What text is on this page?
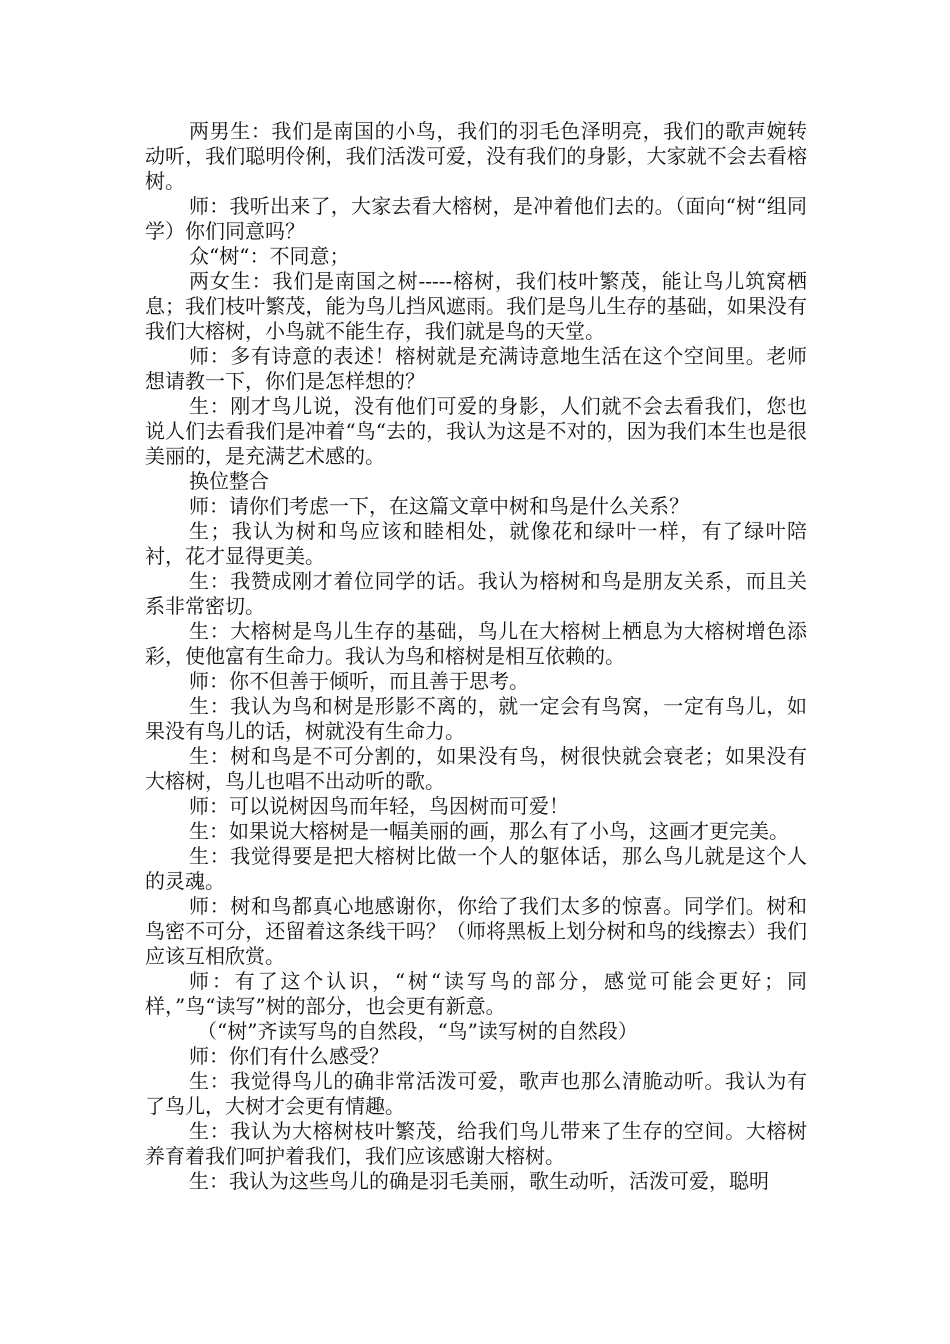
两男生：我们是南国的小鸟，我们的羽毛色泽明亮，我们的歌声婉转动听，我们聪明伶俐，我们活泼可爱，没有我们的身影，大家就不会去看榕树。

师：我听出来了，大家去看大榕树，是冲着他们去的。（面向“树“组同学）你们同意吗？

众“树“：不同意；

两女生：我们是南国之树-----榕树，我们枝叶繁茂，能让鸟儿筑窝栖息；我们枝叶繁茂，能为鸟儿挡风遮雨。我们是鸟儿生存的基础，如果没有我们大榕树，小鸟就不能生存，我们就是鸟的天堂。

师：多有诗意的表述！榕树就是充满诗意地生活在这个空间里。老师想请教一下，你们是怎样想的？

生：刚才鸟儿说，没有他们可爱的身影，人们就不会去看我们，您也说人们去看我们是冲着“鸟“去的，我认为这是不对的，因为我们本生也是很美丽的，是充满艺术感的。

换位整合

师：请你们考虑一下，在这篇文章中树和鸟是什么关系？

生；我认为树和鸟应该和睦相处，就像花和绿叶一样，有了绿叶陪衬，花才显得更美。

生：我赞成刚才着位同学的话。我认为榕树和鸟是朋友关系，而且关系非常密切。

生：大榕树是鸟儿生存的基础，鸟儿在大榕树上栖息为大榕树增色添彩，使他富有生命力。我认为鸟和榕树是相互依赖的。

师：你不但善于倾听，而且善于思考。

生：我认为鸟和树是形影不离的，就一定会有鸟窝，一定有鸟儿，如果没有鸟儿的话，树就没有生命力。

生：树和鸟是不可分割的，如果没有鸟，树很快就会衰老；如果没有大榕树，鸟儿也唱不出动听的歌。

师：可以说树因鸟而年轻，鸟因树而可爱！

生：如果说大榕树是一幅美丽的画，那么有了小鸟，这画才更完美。

生：我觉得要是把大榕树比做一个人的躯体话，那么鸟儿就是这个人的灵魂。

师：树和鸟都真心地感谢你，你给了我们太多的惊喜。同学们。树和鸟密不可分，还留着这条线干吗？（师将黑板上划分树和鸟的线擦去）我们应该互相欣赏。

师：有了这个认识，“树“读写鸟的部分，感觉可能会更好；同样，”鸟“读写”树的部分，也会更有新意。

（“树”齐读写鸟的自然段，“鸟”读写树的自然段）

师：你们有什么感受？

生：我觉得鸟儿的确非常活泼可爱，歌声也那么清脆动听。我认为有了鸟儿，大树才会更有情趣。

生：我认为大榕树枝叶繁茂，给我们鸟儿带来了生存的空间。大榕树养育着我们呵护着我们，我们应该感谢大榕树。

生：我认为这些鸟儿的确是羽毛美丽，歌生动听，活泼可爱，聪明
